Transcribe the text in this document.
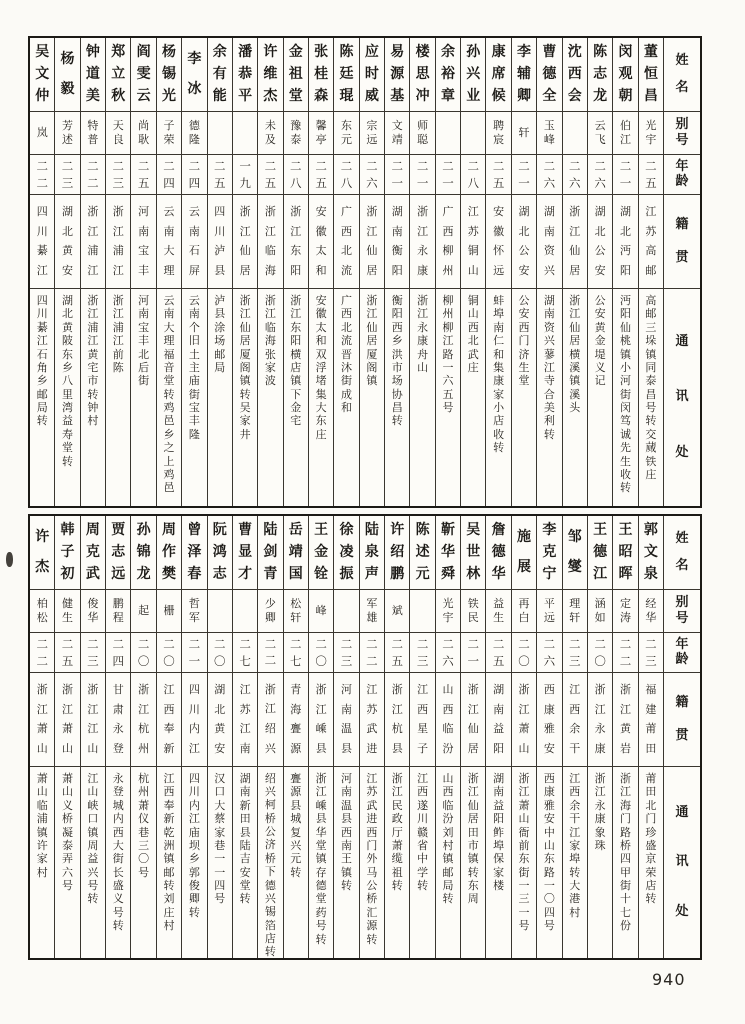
姓
名
别
号
年
龄
籍
贯
通
讯
处
董
恒
昌
光
宇
二
五
江
苏
高
邮
高
邮
三
垛
镇
同
泰
昌
号
转
交
蒇
铁
庄
闵
观
朝
伯
江
二
一
湖
北
沔
阳
沔
阳
仙
桃
镇
小
河
街
闵
笃
诚
先
生
收
转
陈
志
龙
云
飞
二
六
湖
北
公
安
公
安
黄
金
堤
义
记
沈
西
会
二
六
浙
江
仙
居
浙
江
仙
居
横
溪
镇
溪
头
曹
德
全
玉
峰
二
六
湖
南
资
兴
湖
南
资
兴
蓼
江
寺
合
美
利
转
李
辅
卿
轩
二
一
湖
北
公
安
公
安
西
门
济
生
堂
康
席
候
聘
宸
二
五
安
徽
怀
远
蚌
埠
南
仁
和
集
康
家
小
店
收
转
孙
兴
业
二
八
江
苏
铜
山
铜
山
西
北
武
庄
余
裕
章
二
一
广
西
柳
州
柳
州
柳
江
路
一
六
五
号
楼
思
冲
师
聪
二
一
浙
江
永
康
浙
江
永
康
舟
山
易
源
基
文
靖
二
一
湖
南
衡
阳
衡
阳
西
乡
洪
市
场
协
昌
转
应
时
威
宗
远
二
六
浙
江
仙
居
浙
江
仙
居
厦
阁
镇
陈
廷
琨
东
元
二
八
广
西
北
流
广
西
北
流
晋
沐
街
成
和
张
桂
森
馨
亭
二
五
安
徽
太
和
安
徽
太
和
双
浮
堵
集
大
东
庄
金
祖
堂
豫
泰
二
八
浙
江
东
阳
浙
江
东
阳
横
店
镇
下
金
宅
许
维
杰
未
及
二
五
浙
江
临
海
浙
江
临
海
张
家
波
潘
恭
平
一
九
浙
江
仙
居
浙
江
仙
居
厦
阁
镇
转
吴
家
井
余
有
能
二
五
四
川
泸
县
泸
县
涂
场
邮
局
李
冰
德
隆
二
四
云
南
石
屏
云
南
个
旧
土
主
庙
街
宝
丰
隆
杨
锡
光
子
荣
二
四
云
南
大
理
云
南
大
理
福
音
堂
转
鸡
邑
乡
之
上
鸡
邑
阎
雯
云
尚
耿
二
五
河
南
宝
丰
河
南
宝
丰
北
后
街
郑
立
秋
天
良
二
三
浙
江
浦
江
浙
江
浦
江
前
陈
钟
道
美
特
普
二
二
浙
江
浦
江
浙
江
浦
江
黄
宅
市
转
钟
村
杨
毅
芳
述
二
三
湖
北
黄
安
湖
北
黄
陂
东
乡
八
里
湾
益
寿
堂
转
吴
文
仲
岚
二
二
四
川
綦
江
四
川
綦
江
石
角
乡
邮
局
转
姓
名
别
号
年
龄
籍
贯
通
讯
处
郭
文
泉
经
华
二
三
福
建
莆
田
莆
田
北
门
珍
盛
京
荣
店
转
王
昭
晖
定
涛
二
二
浙
江
黄
岩
浙
江
海
门
路
桥
四
甲
街
十
七
份
王
德
江
涵
如
二
〇
浙
江
永
康
浙
江
永
康
象
珠
邹
燮
理
轩
二
三
江
西
余
干
江
西
余
干
江
家
埠
转
大
港
村
李
克
宁
平
远
二
六
西
康
雅
安
西
康
雅
安
中
山
东
路
一
〇
四
号
施
展
再
白
二
〇
浙
江
萧
山
浙
江
萧
山
衙
前
东
街
一
三
一
号
詹
德
华
益
生
二
五
湖
南
益
阳
湖
南
益
阳
鲊
埠
保
家
楼
吴
世
林
铁
民
二
一
浙
江
仙
居
浙
江
仙
居
田
市
镇
转
东
周
靳
华
舜
光
宇
二
六
山
西
临
汾
山
西
临
汾
刘
村
镇
邮
局
转
陈
述
元
二
三
江
西
星
子
江
西
遂
川
赣
省
中
学
转
许
绍
鹏
斌
二
五
浙
江
杭
县
浙
江
民
政
厅
萧
缆
祖
转
陆
泉
声
军
雄
二
二
江
苏
武
进
江
苏
武
进
西
门
外
马
公
桥
汇
源
转
徐
凌
振
二
三
河
南
温
县
河
南
温
县
西
南
王
镇
转
王
金
铨
峰
二
〇
浙
江
嵊
县
浙
江
嵊
县
华
堂
镇
存
德
堂
药
号
转
岳
靖
国
松
轩
二
七
青
海
亹
源
亹
源
县
城
复
兴
元
转
陆
剑
青
少
卿
二
二
浙
江
绍
兴
绍
兴
柯
桥
公
济
桥
下
德
兴
锡
箔
店
转
曹
显
才
二
七
江
苏
江
南
湖
南
新
田
县
陆
吉
安
堂
转
阮
鸿
志
二
〇
湖
北
黄
安
汉
口
大
蔡
家
巷
一
一
四
号
曾
泽
春
哲
军
二
一
四
川
内
江
四
川
内
江
庙
坝
乡
郭
俊
卿
转
周
作
樊
栅
二
〇
江
西
奉
新
江
西
奉
新
乾
洲
镇
邮
转
刘
庄
村
孙
锦
龙
起
二
〇
浙
江
杭
州
杭
州
萧
仪
巷
三
〇
号
贾
志
远
鹏
程
二
四
甘
肃
永
登
永
登
城
内
西
大
街
长
盛
义
号
转
周
克
武
俊
华
二
三
浙
江
江
山
江
山
峡
口
镇
周
益
兴
号
转
韩
子
初
健
生
二
五
浙
江
萧
山
萧
山
义
桥
凝
泰
弄
六
号
许
杰
柏
松
二
二
浙
江
萧
山
萧
山
临
浦
镇
许
家
村
940
